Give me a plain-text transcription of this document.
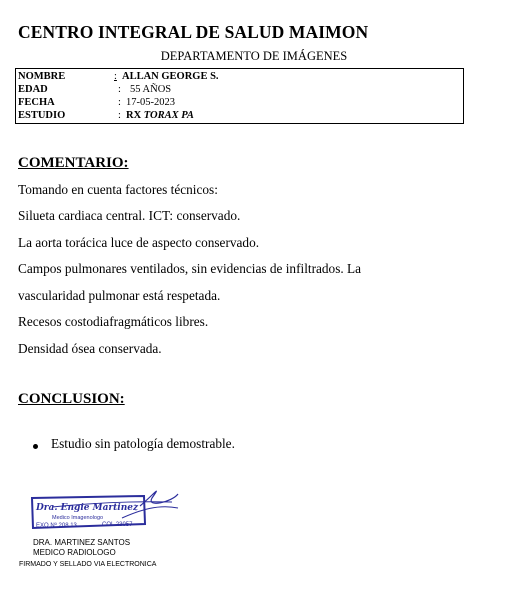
CENTRO INTEGRAL DE SALUD MAIMON
DEPARTAMENTO DE IMÁGENES
NOMBRE	: ALLAN GEORGE S.
EDAD	: 55 AÑOS
FECHA	: 17-05-2023
ESTUDIO	: RX TORAX PA
COMENTARIO:
Tomando en cuenta factores técnicos:
Silueta cardiaca central. ICT: conservado.
La aorta torácica luce de aspecto conservado.
Campos pulmonares ventilados, sin evidencias de infiltrados. La
vascularidad pulmonar está respetada.
Recesos costodiafragmáticos libres.
Densidad ósea conservada.
CONCLUSION:
Estudio sin patología demostrable.
Dra. Engie Martinez
Medico Imagenologo
EXQ Nº 208 13	COL 23057
DRA. MARTINEZ SANTOS
MEDICO RADIOLOGO
FIRMADO Y SELLADO VIA ELECTRONICA
